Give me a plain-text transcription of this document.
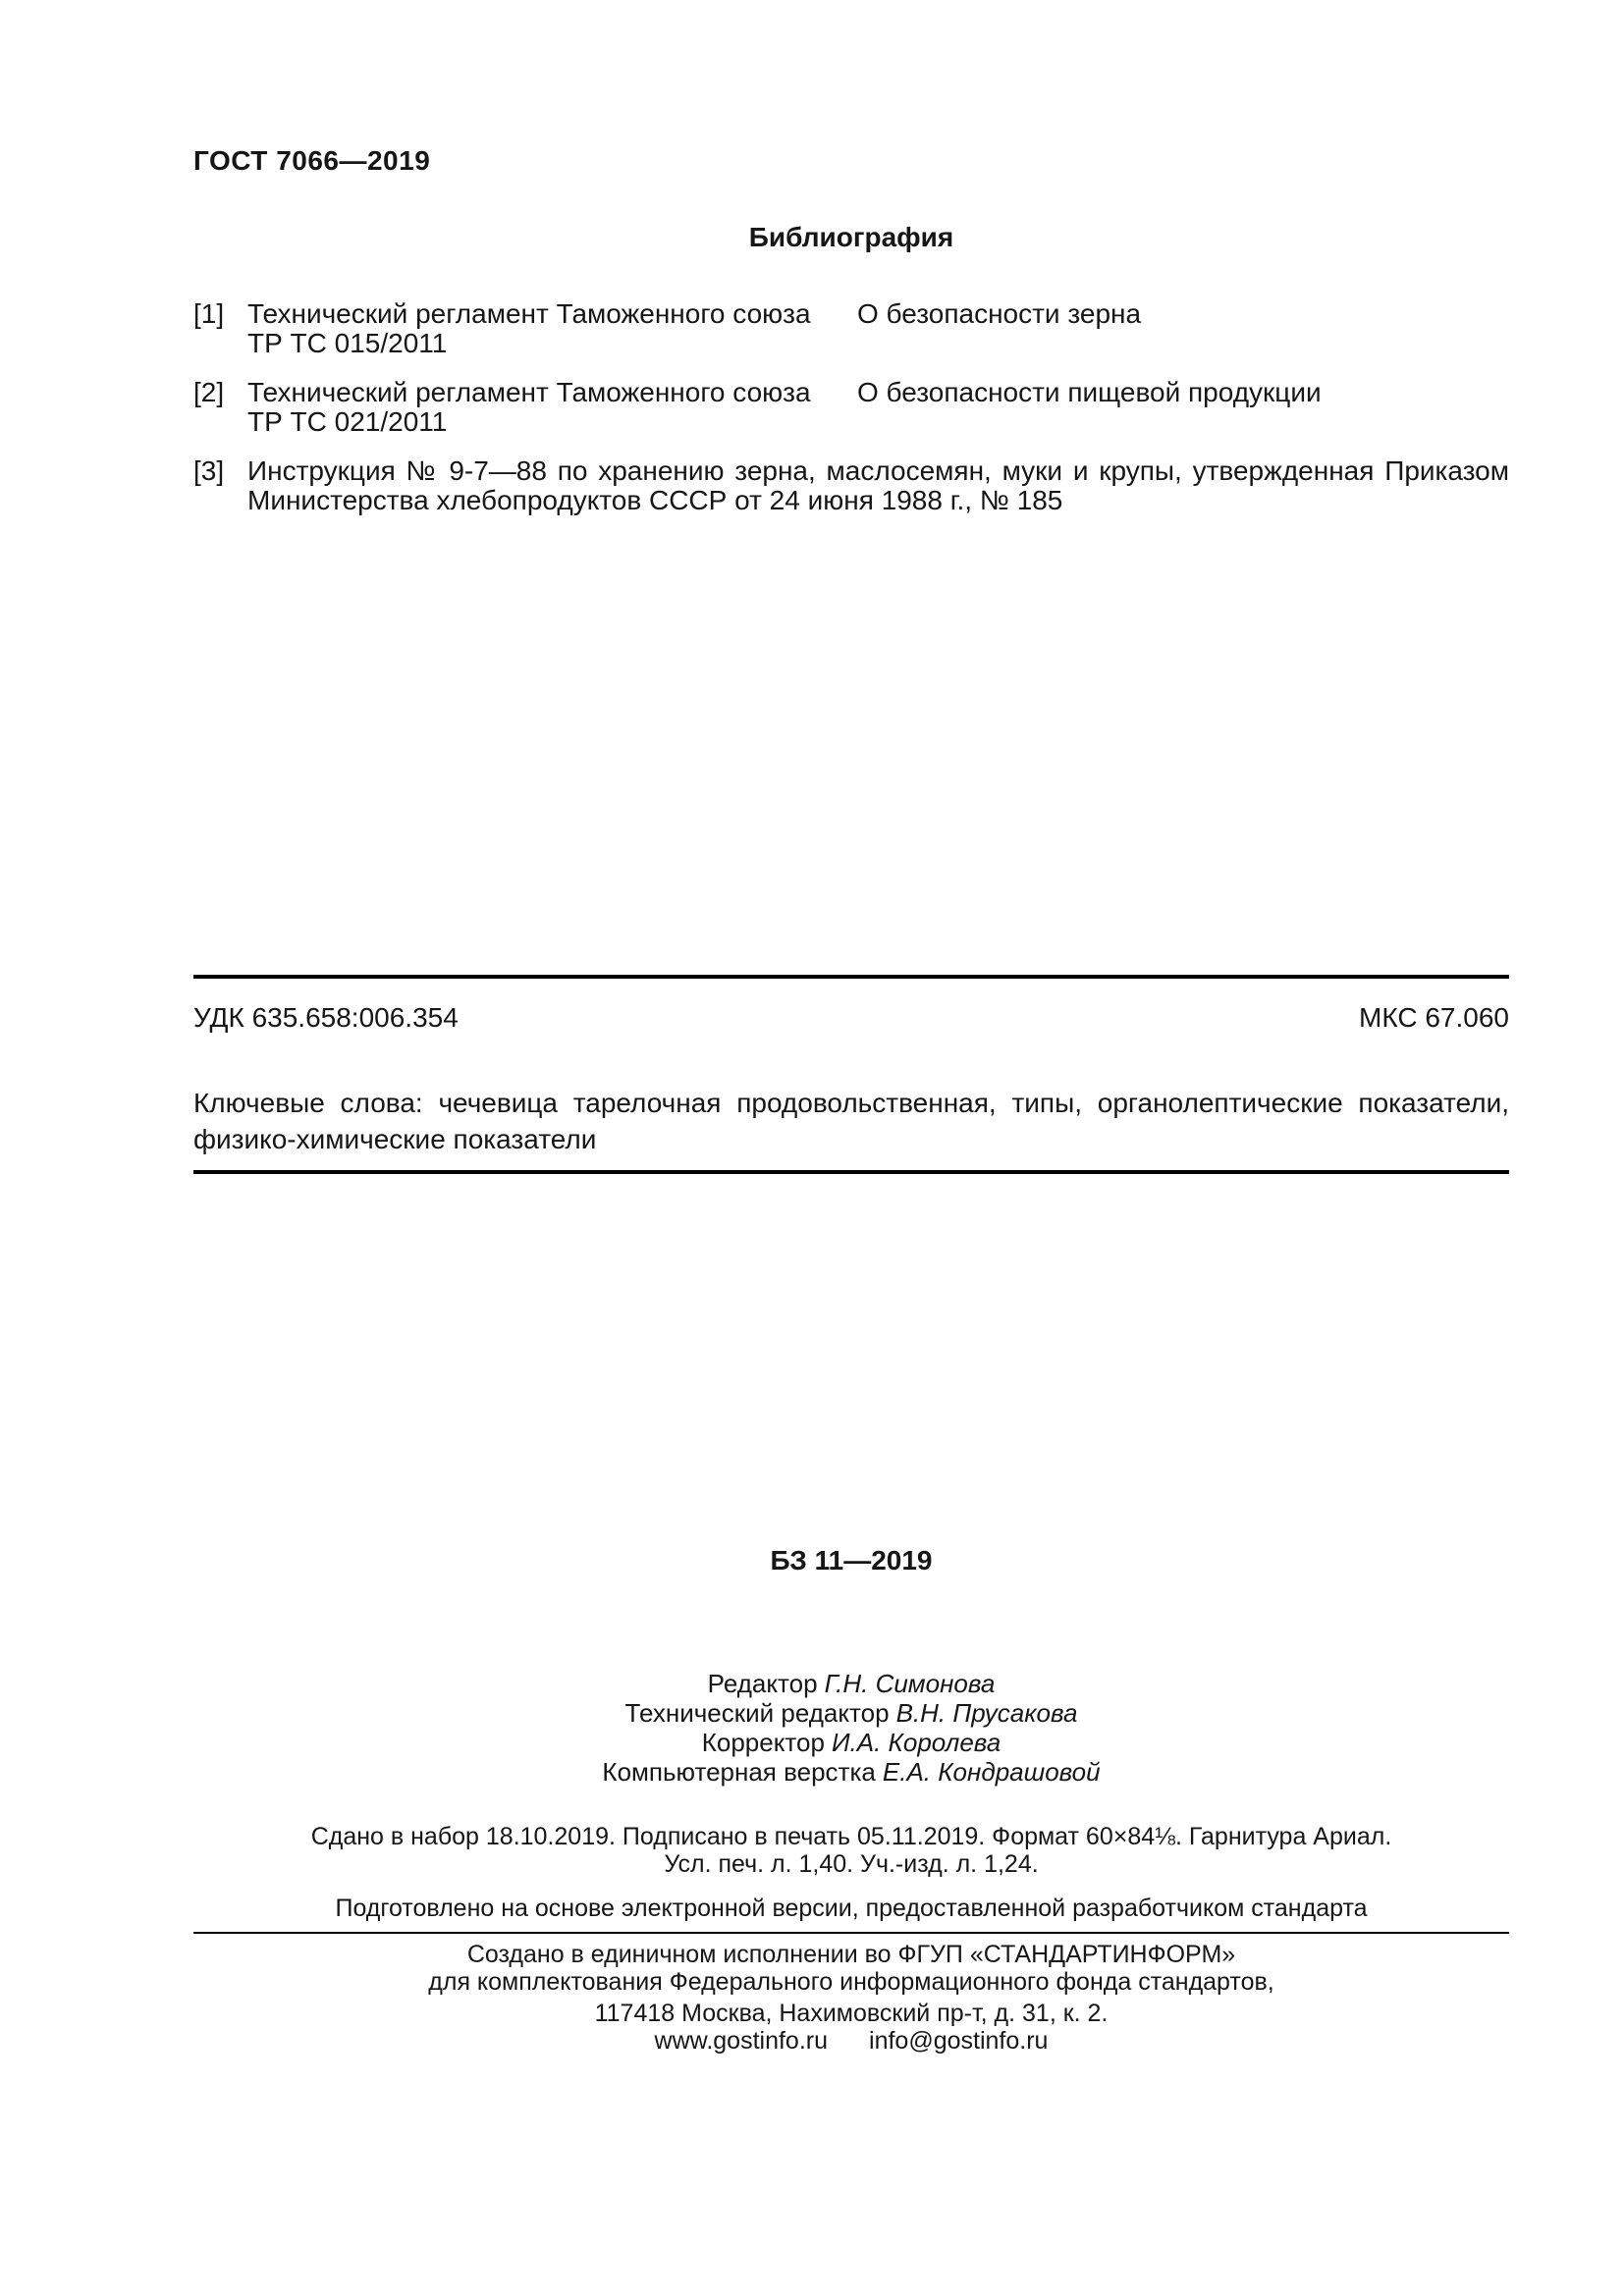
ГОСТ 7066—2019
Библиография
[1] Технический регламент Таможенного союза
ТР ТС 015/2011
О безопасности зерна
[2] Технический регламент Таможенного союза
ТР ТС 021/2011
О безопасности пищевой продукции
[3] Инструкция № 9-7—88 по хранению зерна, маслосемян, муки и крупы, утвержденная Приказом Министерства хлебопродуктов СССР от 24 июня 1988 г., № 185
УДК 635.658:006.354	МКС 67.060
Ключевые слова: чечевица тарелочная продовольственная, типы, органолептические показатели, физико-химические показатели
БЗ 11—2019
Редактор Г.Н. Симонова
Технический редактор В.Н. Прусакова
Корректор И.А. Королева
Компьютерная верстка Е.А. Кондрашовой
Сдано в набор 18.10.2019. Подписано в печать 05.11.2019. Формат 60×84⅛. Гарнитура Ариал.
Усл. печ. л. 1,40. Уч.-изд. л. 1,24.
Подготовлено на основе электронной версии, предоставленной разработчиком стандарта
Создано в единичном исполнении во ФГУП «СТАНДАРТИНФОРМ»
для комплектования Федерального информационного фонда стандартов,
117418 Москва, Нахимовский пр-т, д. 31, к. 2.
www.gostinfo.ru info@gostinfo.ru
